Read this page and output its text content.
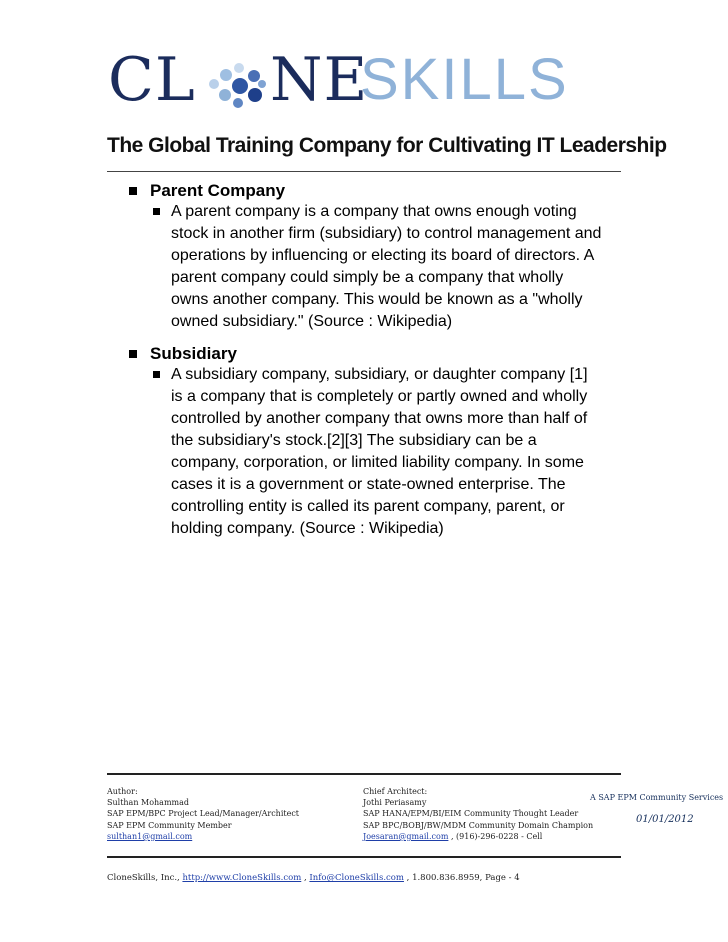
CL NE
SKILLS
The Global Training Company for Cultivating IT Leadership
Parent Company
A parent company is a company that owns enough voting
stock in another firm (subsidiary) to control management and
operations by influencing or electing its board of directors. A
parent company could simply be a company that wholly
owns another company. This would be known as a "wholly
owned subsidiary." (Source : Wikipedia)
Subsidiary
A subsidiary company, subsidiary, or daughter company [1]
is a company that is completely or partly owned and wholly
controlled by another company that owns more than half of
the subsidiary's stock.[2][3] The subsidiary can be a
company, corporation, or limited liability company. In some
cases it is a government or state-owned enterprise. The
controlling entity is called its parent company, parent, or
holding company. (Source : Wikipedia)
Author:
Sulthan Mohammad
SAP EPM/BPC Project Lead/Manager/Architect
SAP EPM Community Member
sulthan1@gmail.com
Chief Architect:
Jothi Periasamy
SAP HANA/EPM/BI/EIM Community Thought Leader
SAP BPC/BOBJ/BW/MDM Community Domain Champion
Joesaran@gmail.com , (916)-296-0228 - Cell
A SAP EPM Community Services
01/01/2012
CloneSkills, Inc., http://www.CloneSkills.com , Info@CloneSkills.com , 1.800.836.8959, Page - 4
